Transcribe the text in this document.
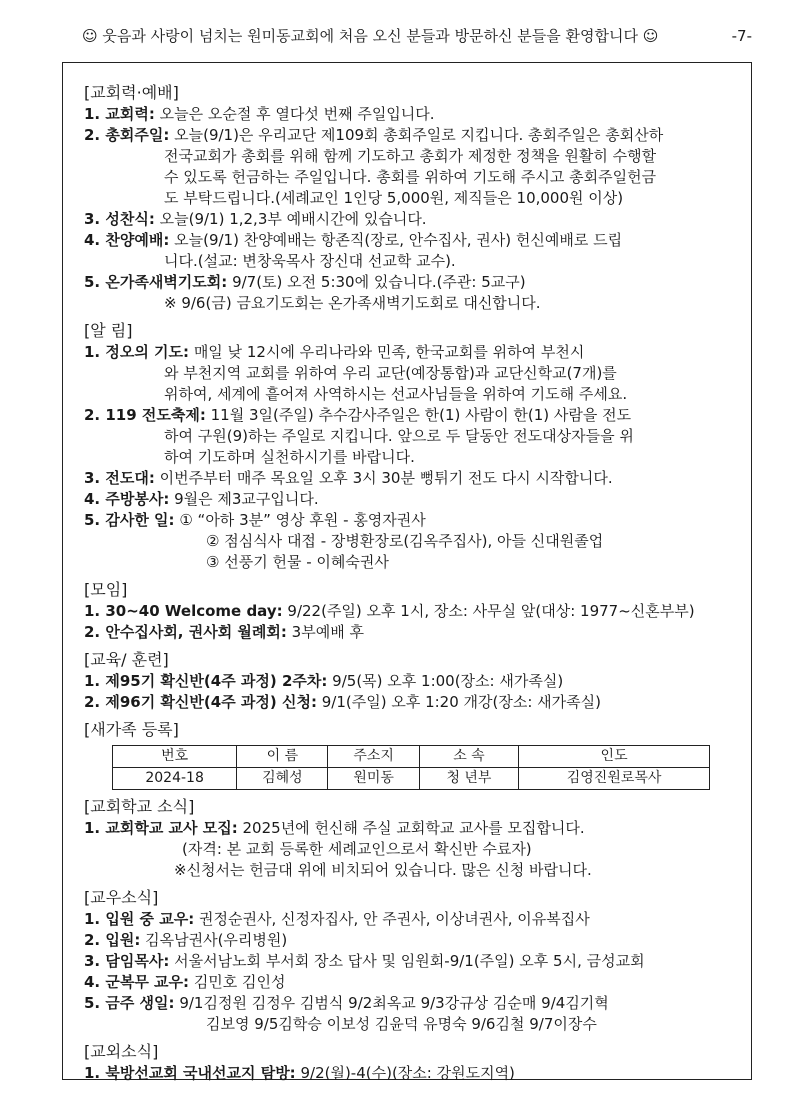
☺ 웃음과 사랑이 넘치는 원미동교회에 처음 오신 분들과 방문하신 분들을 환영합니다 ☺	-7-
[교회력·예배]
1. 교회력: 오늘은 오순절 후 열다섯 번째 주일입니다.
2. 총회주일: 오늘(9/1)은 우리교단 제109회 총회주일로 지킵니다. 총회주일은 총회산하
전국교회가 총회를 위해 함께 기도하고 총회가 제정한 정책을 원활히 수행할
수 있도록 헌금하는 주일입니다. 총회를 위하여 기도해 주시고 총회주일헌금
도 부탁드립니다.(세례교인 1인당 5,000원, 제직들은 10,000원 이상)
3. 성찬식: 오늘(9/1) 1,2,3부 예배시간에 있습니다.
4. 찬양예배: 오늘(9/1) 찬양예배는 항존직(장로, 안수집사, 권사) 헌신예배로 드립
니다.(설교: 변창욱목사 장신대 선교학 교수).
5. 온가족새벽기도회: 9/7(토) 오전 5:30에 있습니다.(주관: 5교구)
※ 9/6(금) 금요기도회는 온가족새벽기도회로 대신합니다.
[알 림]
1. 정오의 기도: 매일 낮 12시에 우리나라와 민족, 한국교회를 위하여 부천시
와 부천지역 교회를 위하여 우리 교단(예장통합)과 교단신학교(7개)를
위하여, 세계에 흩어져 사역하시는 선교사님들을 위하여 기도해 주세요.
2. 119 전도축제: 11월 3일(주일) 추수감사주일은 한(1) 사람이 한(1) 사람을 전도
하여 구원(9)하는 주일로 지킵니다. 앞으로 두 달동안 전도대상자들을 위
하여 기도하며 실천하시기를 바랍니다.
3. 전도대: 이번주부터 매주 목요일 오후 3시 30분 뻥튀기 전도 다시 시작합니다.
4. 주방봉사: 9월은 제3교구입니다.
5. 감사한 일: ① “아하 3분” 영상 후원 - 홍영자권사
② 점심식사 대접 - 장병환장로(김옥주집사), 아들 신대원졸업
③ 선풍기 헌물 - 이혜숙권사
[모임]
1. 30~40 Welcome day: 9/22(주일) 오후 1시, 장소: 사무실 앞(대상: 1977~신혼부부)
2. 안수집사회, 권사회 월례회: 3부예배 후
[교육/ 훈련]
1. 제95기 확신반(4주 과정) 2주차: 9/5(목) 오후 1:00(장소: 새가족실)
2. 제96기 확신반(4주 과정) 신청: 9/1(주일) 오후 1:20 개강(장소: 새가족실)
[새가족 등록]
번호	이 름	주소지	소 속	인도
2024-18	김혜성	원미동	청 년부	김영진원로목사
[교회학교 소식]
1. 교회학교 교사 모집: 2025년에 헌신해 주실 교회학교 교사를 모집합니다.
(자격: 본 교회 등록한 세례교인으로서 확신반 수료자)
※신청서는 헌금대 위에 비치되어 있습니다. 많은 신청 바랍니다.
[교우소식]
1. 입원 중 교우: 권정순권사, 신정자집사, 안 주권사, 이상녀권사, 이유복집사
2. 입원: 김옥남권사(우리병원)
3. 담임목사: 서울서남노회 부서회 장소 답사 및 임원회-9/1(주일) 오후 5시, 금성교회
4. 군복무 교우: 김민호 김인성
5. 금주 생일: 9/1김정원 김정우 김범식 9/2최옥교 9/3강규상 김순매 9/4김기혁
김보영 9/5김학승 이보성 김윤덕 유명숙 9/6김철 9/7이장수
[교외소식]
1. 북방선교회 국내선교지 탐방: 9/2(월)-4(수)(장소: 강원도지역)
